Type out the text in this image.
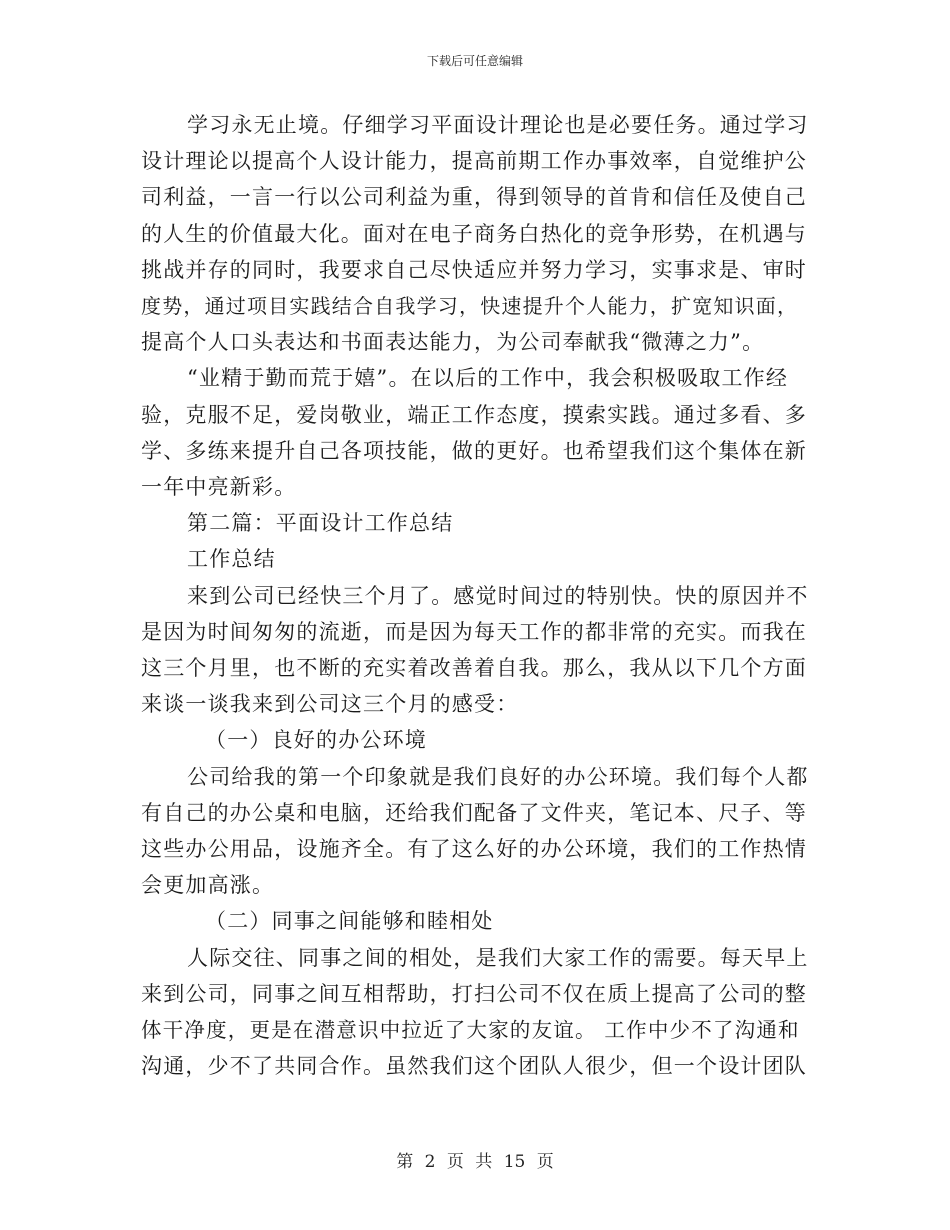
下载后可任意编辑
学习永无止境。仔细学习平面设计理论也是必要任务。通过学习
设计理论以提高个人设计能力，提高前期工作办事效率，自觉维护公
司利益，一言一行以公司利益为重，得到领导的首肯和信任及使自己
的人生的价值最大化。面对在电子商务白热化的竞争形势，在机遇与
挑战并存的同时，我要求自己尽快适应并努力学习，实事求是、审时
度势，通过项目实践结合自我学习，快速提升个人能力，扩宽知识面，
提高个人口头表达和书面表达能力，为公司奉献我“微薄之力”。
“业精于勤而荒于嬉”。在以后的工作中，我会积极吸取工作经
验，克服不足，爱岗敬业，端正工作态度，摸索实践。通过多看、多
学、多练来提升自己各项技能，做的更好。也希望我们这个集体在新
一年中亮新彩。
第二篇：平面设计工作总结
工作总结
来到公司已经快三个月了。感觉时间过的特别快。快的原因并不
是因为时间匆匆的流逝，而是因为每天工作的都非常的充实。而我在
这三个月里，也不断的充实着改善着自我。那么，我从以下几个方面
来谈一谈我来到公司这三个月的感受：
（一）良好的办公环境
公司给我的第一个印象就是我们良好的办公环境。我们每个人都
有自己的办公桌和电脑，还给我们配备了文件夹，笔记本、尺子、等
这些办公用品，设施齐全。有了这么好的办公环境，我们的工作热情
会更加高涨。
（二）同事之间能够和睦相处
人际交往、同事之间的相处，是我们大家工作的需要。每天早上
来到公司，同事之间互相帮助，打扫公司不仅在质上提高了公司的整
体干净度，更是在潜意识中拉近了大家的友谊。 工作中少不了沟通和
沟通，少不了共同合作。虽然我们这个团队人很少，但一个设计团队
第 2 页 共 15 页
